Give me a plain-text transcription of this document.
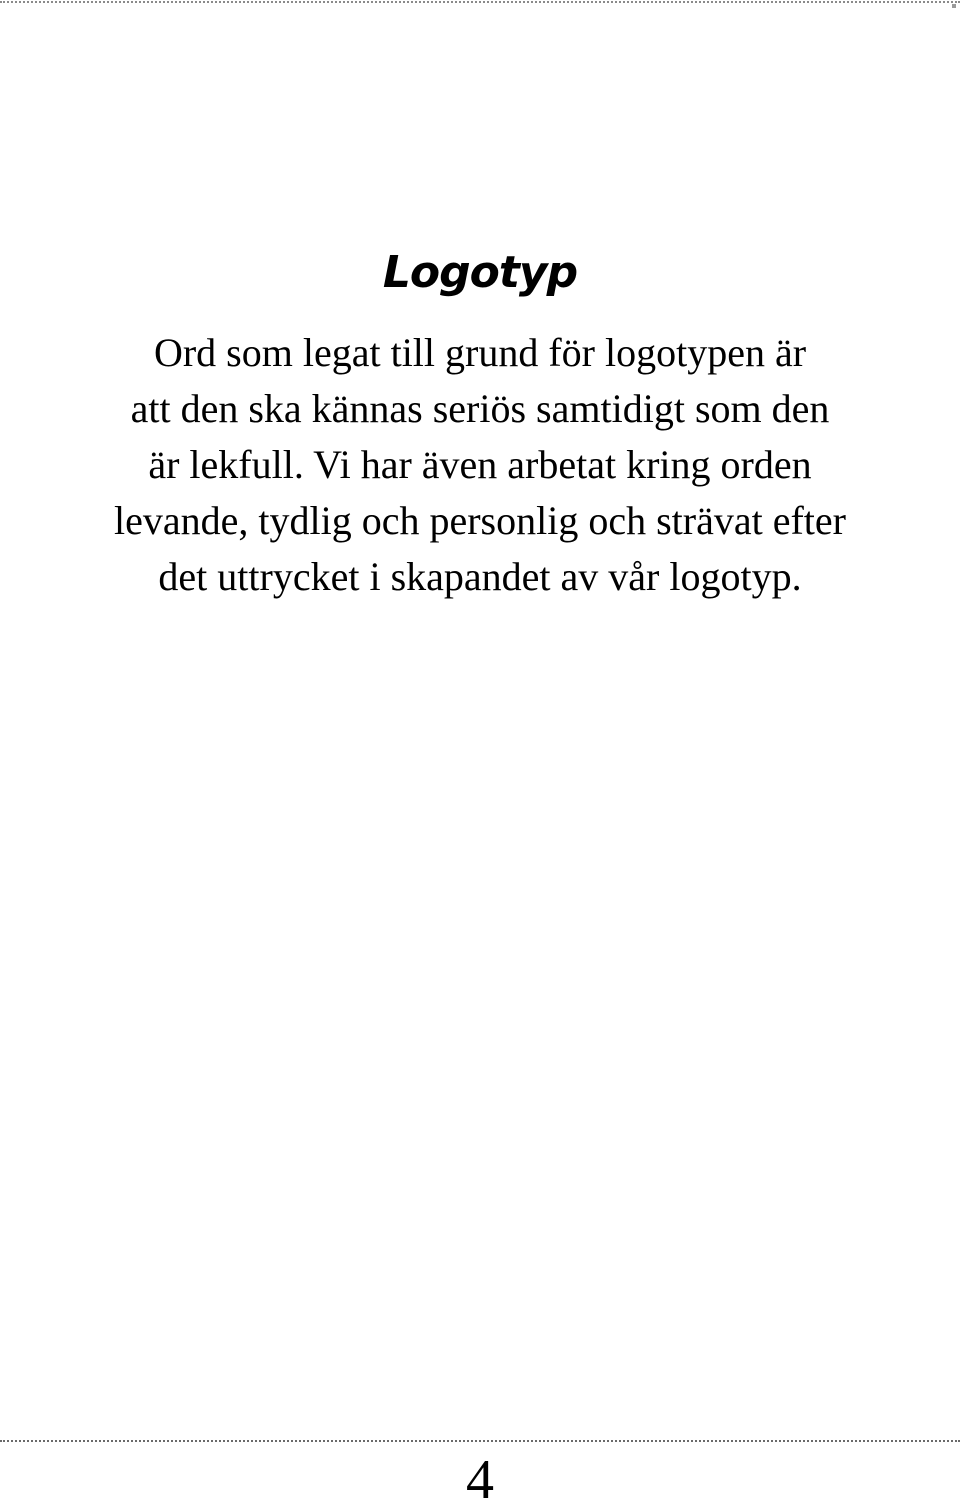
Logotyp

Ord som legat till grund för logotypen är
att den ska kännas seriös samtidigt som den
är lekfull. Vi har även arbetat kring orden
levande, tydlig och personlig och strävat efter
det uttrycket i skapandet av vår logotyp.

4
